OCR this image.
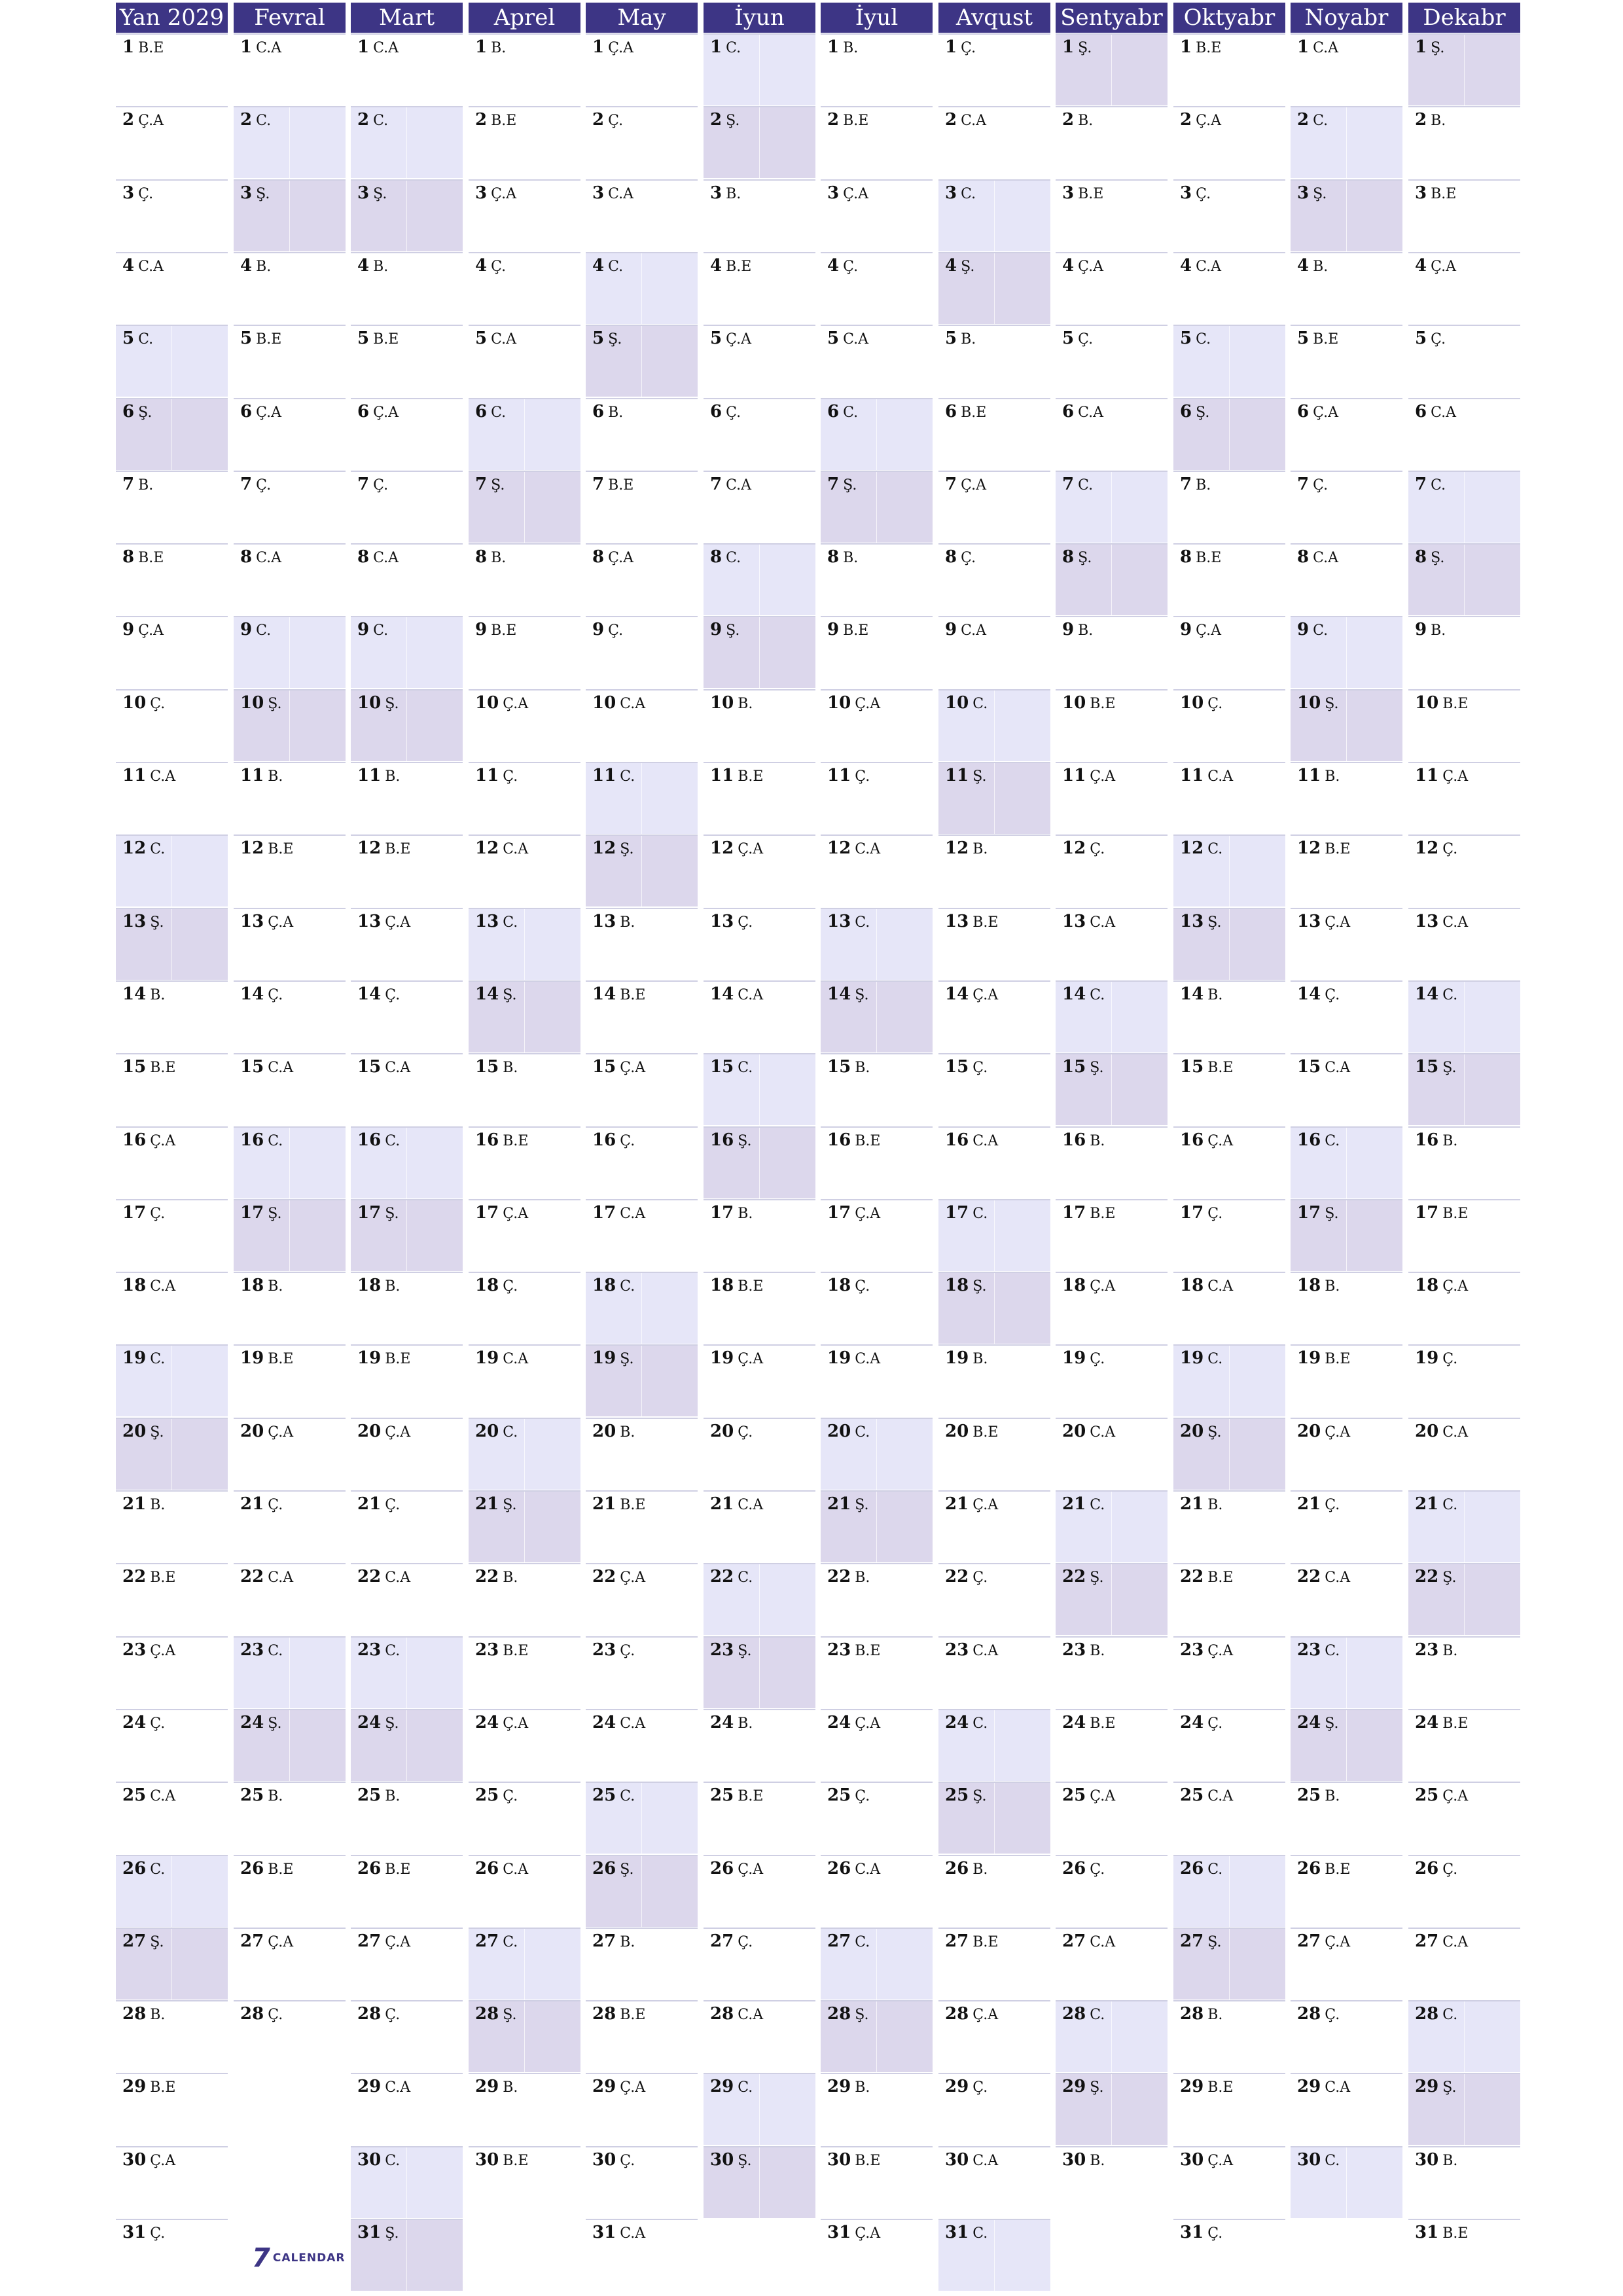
Yan 2029
1 B.E
2 Ç.A
3 Ç.
4 C.A
5 C.
6 Ş.
7 B.
8 B.E
9 Ç.A
10 Ç.
11 C.A
12 C.
13 Ş.
14 B.
15 B.E
16 Ç.A
17 Ç.
18 C.A
19 C.
20 Ş.
21 B.
22 B.E
23 Ç.A
24 Ç.
25 C.A
26 C.
27 Ş.
28 B.
29 B.E
30 Ç.A
31 Ç.
Fevral
1 C.A
2 C.
3 Ş.
4 B.
5 B.E
6 Ç.A
7 Ç.
8 C.A
9 C.
10 Ş.
11 B.
12 B.E
13 Ç.A
14 Ç.
15 C.A
16 C.
17 Ş.
18 B.
19 B.E
20 Ç.A
21 Ç.
22 C.A
23 C.
24 Ş.
25 B.
26 B.E
27 Ç.A
28 Ç.
Mart
1 C.A
2 C.
3 Ş.
4 B.
5 B.E
6 Ç.A
7 Ç.
8 C.A
9 C.
10 Ş.
11 B.
12 B.E
13 Ç.A
14 Ç.
15 C.A
16 C.
17 Ş.
18 B.
19 B.E
20 Ç.A
21 Ç.
22 C.A
23 C.
24 Ş.
25 B.
26 B.E
27 Ç.A
28 Ç.
29 C.A
30 C.
31 Ş.
Aprel
1 B.
2 B.E
3 Ç.A
4 Ç.
5 C.A
6 C.
7 Ş.
8 B.
9 B.E
10 Ç.A
11 Ç.
12 C.A
13 C.
14 Ş.
15 B.
16 B.E
17 Ç.A
18 Ç.
19 C.A
20 C.
21 Ş.
22 B.
23 B.E
24 Ç.A
25 Ç.
26 C.A
27 C.
28 Ş.
29 B.
30 B.E
May
1 Ç.A
2 Ç.
3 C.A
4 C.
5 Ş.
6 B.
7 B.E
8 Ç.A
9 Ç.
10 C.A
11 C.
12 Ş.
13 B.
14 B.E
15 Ç.A
16 Ç.
17 C.A
18 C.
19 Ş.
20 B.
21 B.E
22 Ç.A
23 Ç.
24 C.A
25 C.
26 Ş.
27 B.
28 B.E
29 Ç.A
30 Ç.
31 C.A
İyun
1 C.
2 Ş.
3 B.
4 B.E
5 Ç.A
6 Ç.
7 C.A
8 C.
9 Ş.
10 B.
11 B.E
12 Ç.A
13 Ç.
14 C.A
15 C.
16 Ş.
17 B.
18 B.E
19 Ç.A
20 Ç.
21 C.A
22 C.
23 Ş.
24 B.
25 B.E
26 Ç.A
27 Ç.
28 C.A
29 C.
30 Ş.
İyul
1 B.
2 B.E
3 Ç.A
4 Ç.
5 C.A
6 C.
7 Ş.
8 B.
9 B.E
10 Ç.A
11 Ç.
12 C.A
13 C.
14 Ş.
15 B.
16 B.E
17 Ç.A
18 Ç.
19 C.A
20 C.
21 Ş.
22 B.
23 B.E
24 Ç.A
25 Ç.
26 C.A
27 C.
28 Ş.
29 B.
30 B.E
31 Ç.A
Avqust
1 Ç.
2 C.A
3 C.
4 Ş.
5 B.
6 B.E
7 Ç.A
8 Ç.
9 C.A
10 C.
11 Ş.
12 B.
13 B.E
14 Ç.A
15 Ç.
16 C.A
17 C.
18 Ş.
19 B.
20 B.E
21 Ç.A
22 Ç.
23 C.A
24 C.
25 Ş.
26 B.
27 B.E
28 Ç.A
29 Ç.
30 C.A
31 C.
Sentyabr
1 Ş.
2 B.
3 B.E
4 Ç.A
5 Ç.
6 C.A
7 C.
8 Ş.
9 B.
10 B.E
11 Ç.A
12 Ç.
13 C.A
14 C.
15 Ş.
16 B.
17 B.E
18 Ç.A
19 Ç.
20 C.A
21 C.
22 Ş.
23 B.
24 B.E
25 Ç.A
26 Ç.
27 C.A
28 C.
29 Ş.
30 B.
Oktyabr
1 B.E
2 Ç.A
3 Ç.
4 C.A
5 C.
6 Ş.
7 B.
8 B.E
9 Ç.A
10 Ç.
11 C.A
12 C.
13 Ş.
14 B.
15 B.E
16 Ç.A
17 Ç.
18 C.A
19 C.
20 Ş.
21 B.
22 B.E
23 Ç.A
24 Ç.
25 C.A
26 C.
27 Ş.
28 B.
29 B.E
30 Ç.A
31 Ç.
Noyabr
1 C.A
2 C.
3 Ş.
4 B.
5 B.E
6 Ç.A
7 Ç.
8 C.A
9 C.
10 Ş.
11 B.
12 B.E
13 Ç.A
14 Ç.
15 C.A
16 C.
17 Ş.
18 B.
19 B.E
20 Ç.A
21 Ç.
22 C.A
23 C.
24 Ş.
25 B.
26 B.E
27 Ç.A
28 Ç.
29 C.A
30 C.
Dekabr
1 Ş.
2 B.
3 B.E
4 Ç.A
5 Ç.
6 C.A
7 C.
8 Ş.
9 B.
10 B.E
11 Ç.A
12 Ç.
13 C.A
14 C.
15 Ş.
16 B.
17 B.E
18 Ç.A
19 Ç.
20 C.A
21 C.
22 Ş.
23 B.
24 B.E
25 Ç.A
26 Ç.
27 C.A
28 C.
29 Ş.
30 B.
31 B.E
7 CALENDAR
